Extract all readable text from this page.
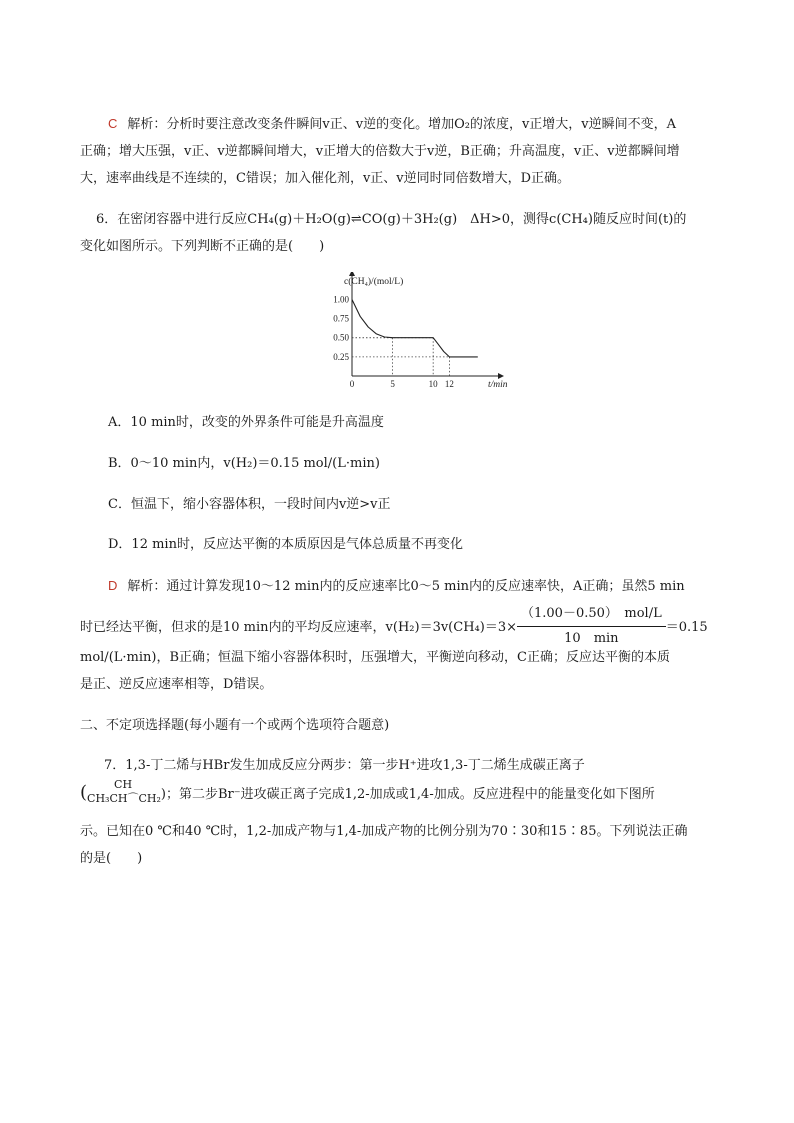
C 解析：分析时要注意改变条件瞬间v正、v逆的变化。增加O₂的浓度，v正增大，v逆瞬间不变，A
正确；增大压强，v正、v逆都瞬间增大，v正增大的倍数大于v逆，B正确；升高温度，v正、v逆都瞬间增
大，速率曲线是不连续的，C错误；加入催化剂，v正、v逆同时同倍数增大，D正确。
6．在密闭容器中进行反应CH₄(g)＋H₂O(g)⇌CO(g)＋3H₂(g)　ΔH>0，测得c(CH₄)随反应时间(t)的
变化如图所示。下列判断不正确的是(　　)
c(CH₄)/(mol/L)
t/min
1.00
0.75
0.50
0.25
0	5	10 12
A．10 min时，改变的外界条件可能是升高温度
B．0～10 min内，v(H₂)＝0.15 mol/(L·min)
C．恒温下，缩小容器体积，一段时间内v逆>v正
D．12 min时，反应达平衡的本质原因是气体总质量不再变化
D 解析：通过计算发现10～12 min内的反应速率比0～5 min内的反应速率快，A正确；虽然5 min
时已经达平衡，但求的是10 min内的平均反应速率，$v(H_2)=3v(CH_4)=3\times \frac{\text{（1.00－0.50）　mol/L}}{10 \min} =0.15$
mol/(L·min)，B正确；恒温下缩小容器体积时，压强增大，平衡逆向移动，C正确；反应达平衡的本质
是正、逆反应速率相等，D错误。
二、不定项选择题(每小题有一个或两个选项符合题意)
7．1,3-丁二烯与HBr发生加成反应分两步：第一步H⁺进攻1,3-丁二烯生成碳正离子
( CH
CH₃CH⌒CH₂)；第二步Br⁻进攻碳正离子完成1,2-加成或1,4-加成。反应进程中的能量变化如下图所
示。已知在0 ℃和40 ℃时，1,2-加成产物与1,4-加成产物的比例分别为70∶30和15∶85。下列说法正确
的是(　　)
